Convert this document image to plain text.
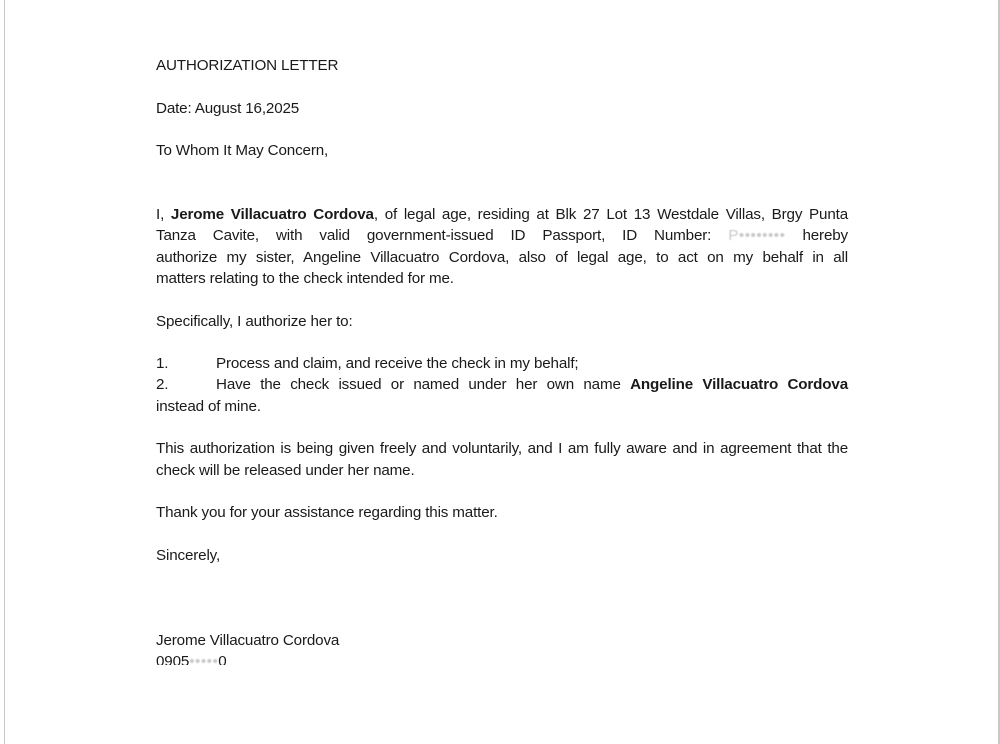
AUTHORIZATION LETTER

Date: August 16,2025

To Whom It May Concern,

I, Jerome Villacuatro Cordova, of legal age, residing at Blk 27 Lot 13 Westdale Villas, Brgy Punta

Tanza Cavite, with valid government-issued ID Passport, ID Number: P•••••••• hereby

authorize my sister, Angeline Villacuatro Cordova, also of legal age, to act on my behalf in all

matters relating to the check intended for me.

Specifically, I authorize her to:

1.	Process and claim, and receive the check in my behalf;
2.	Have the check issued or named under her own name Angeline Villacuatro Cordova

instead of mine.

This authorization is being given freely and voluntarily, and I am fully aware and in agreement that the check will be released under her name.

Thank you for your assistance regarding this matter.

Sincerely,

Jerome Villacuatro Cordova

0905•••••0
